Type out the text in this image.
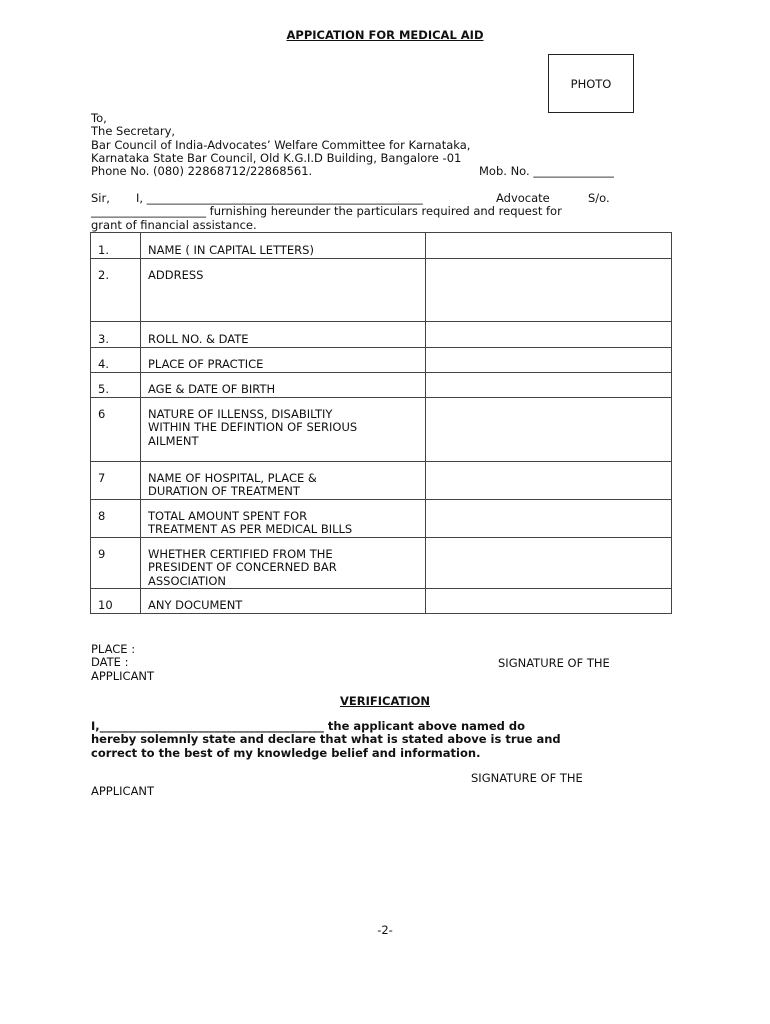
APPICATION FOR MEDICAL AID
PHOTO
To,
The Secretary,
Bar Council of India-Advocates’ Welfare Committee for Karnataka,
Karnataka State Bar Council, Old K.G.I.D Building, Bangalore -01
Phone No. (080) 22868712/22868561.	Mob. No. ______________
Sir, I, ________________________________________________	Advocate	S/o.
____________________ furnishing hereunder the particulars required and request for
grant of financial assistance.
1.	NAME ( IN CAPITAL LETTERS)	
2.	ADDRESS	
3.	ROLL NO. & DATE	
4.	PLACE OF PRACTICE	
5.	AGE & DATE OF BIRTH	
6	NATURE OF ILLENSS, DISABILTIY
WITHIN THE DEFINTION OF SERIOUS
AILMENT	

7	NAME OF HOSPITAL, PLACE &
DURATION OF TREATMENT	

8	TOTAL AMOUNT SPENT FOR
TREATMENT AS PER MEDICAL BILLS	

9	WHETHER CERTIFIED FROM THE
PRESIDENT OF CONCERNED BAR
ASSOCIATION	

10	ANY DOCUMENT	
PLACE :
DATE :
APPLICANT
SIGNATURE OF THE
VERIFICATION
I,_______________________________________ the applicant above named do
hereby solemnly state and declare that what is stated above is true and
correct to the best of my knowledge belief and information.
SIGNATURE OF THE
APPLICANT
-2-
